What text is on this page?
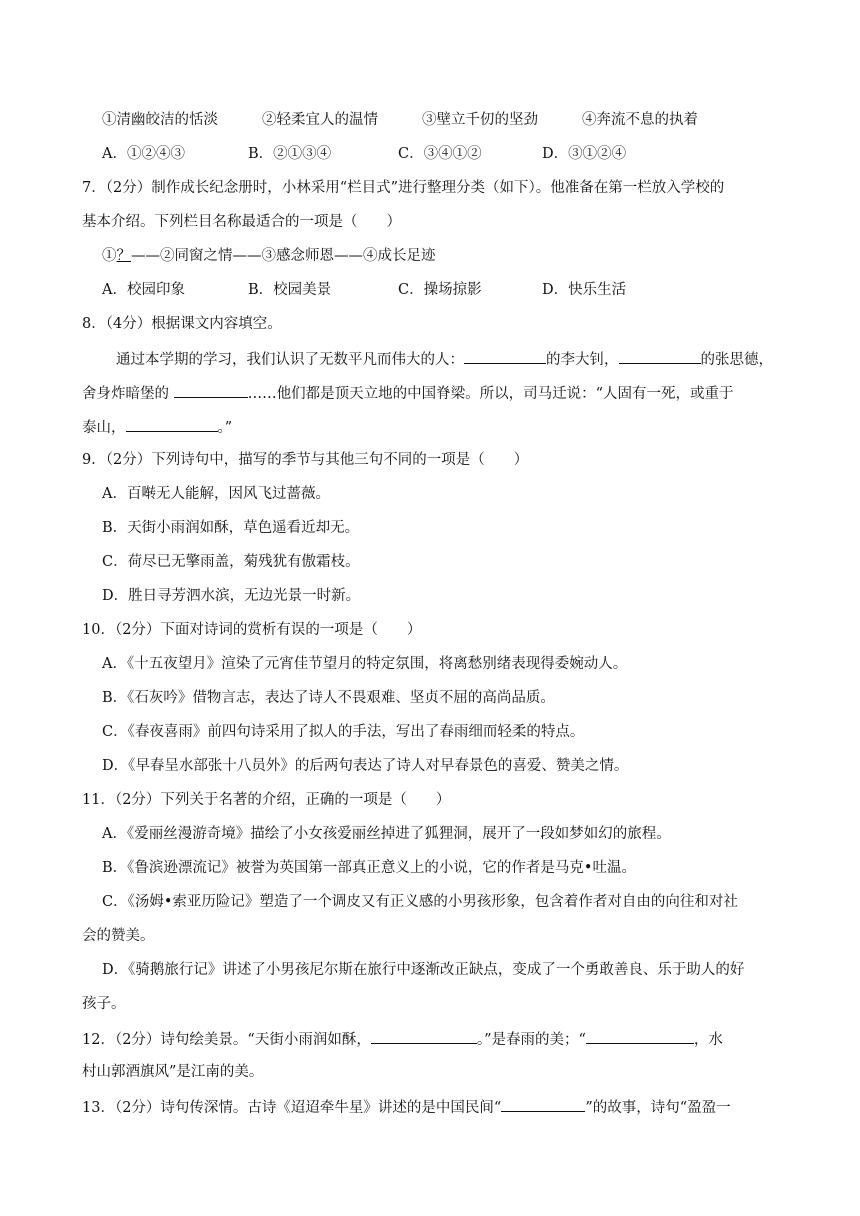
①清幽皎洁的恬淡	②轻柔宜人的温情	③壁立千仞的坚劲	④奔流不息的执着
A．①②④③	B．②①③④	C．③④①②	D．③①②④
7．（2分）制作成长纪念册时，小林采用“栏目式”进行整理分类（如下）。他准备在第一栏放入学校的
基本介绍。下列栏目名称最适合的一项是（　　）
①？——②同窗之情——③感念师恩——④成长足迹
A．校园印象	B．校园美景	C．操场掠影	D．快乐生活
8．（4分）根据课文内容填空。
通过本学期的学习，我们认识了无数平凡而伟大的人：	的李大钊，	的张思德，
舍身炸暗堡的	……他们都是顶天立地的中国脊梁。所以，司马迁说：“人固有一死，或重于
泰山，	。”
9．（2分）下列诗句中，描写的季节与其他三句不同的一项是（　　）
A．百啭无人能解，因风飞过蔷薇。
B．天街小雨润如酥，草色遥看近却无。
C．荷尽已无擎雨盖，菊残犹有傲霜枝。
D．胜日寻芳泗水滨，无边光景一时新。
10．（2分）下面对诗词的赏析有误的一项是（　　）
A．《十五夜望月》渲染了元宵佳节望月的特定氛围，将离愁别绪表现得委婉动人。
B．《石灰吟》借物言志，表达了诗人不畏艰难、坚贞不屈的高尚品质。
C．《春夜喜雨》前四句诗采用了拟人的手法，写出了春雨细而轻柔的特点。
D．《早春呈水部张十八员外》的后两句表达了诗人对早春景色的喜爱、赞美之情。
11．（2分）下列关于名著的介绍，正确的一项是（　　）
A．《爱丽丝漫游奇境》描绘了小女孩爱丽丝掉进了狐狸洞，展开了一段如梦如幻的旅程。
B．《鲁滨逊漂流记》被誉为英国第一部真正意义上的小说，它的作者是马克•吐温。
C．《汤姆•索亚历险记》塑造了一个调皮又有正义感的小男孩形象，包含着作者对自由的向往和对社
会的赞美。
D．《骑鹅旅行记》讲述了小男孩尼尔斯在旅行中逐渐改正缺点，变成了一个勇敢善良、乐于助人的好
孩子。
12．（2分）诗句绘美景。“天街小雨润如酥，	。”是春雨的美；“	，水
村山郭酒旗风”是江南的美。
13．（2分）诗句传深情。古诗《迢迢牵牛星》讲述的是中国民间“	”的故事，诗句“盈盈一
